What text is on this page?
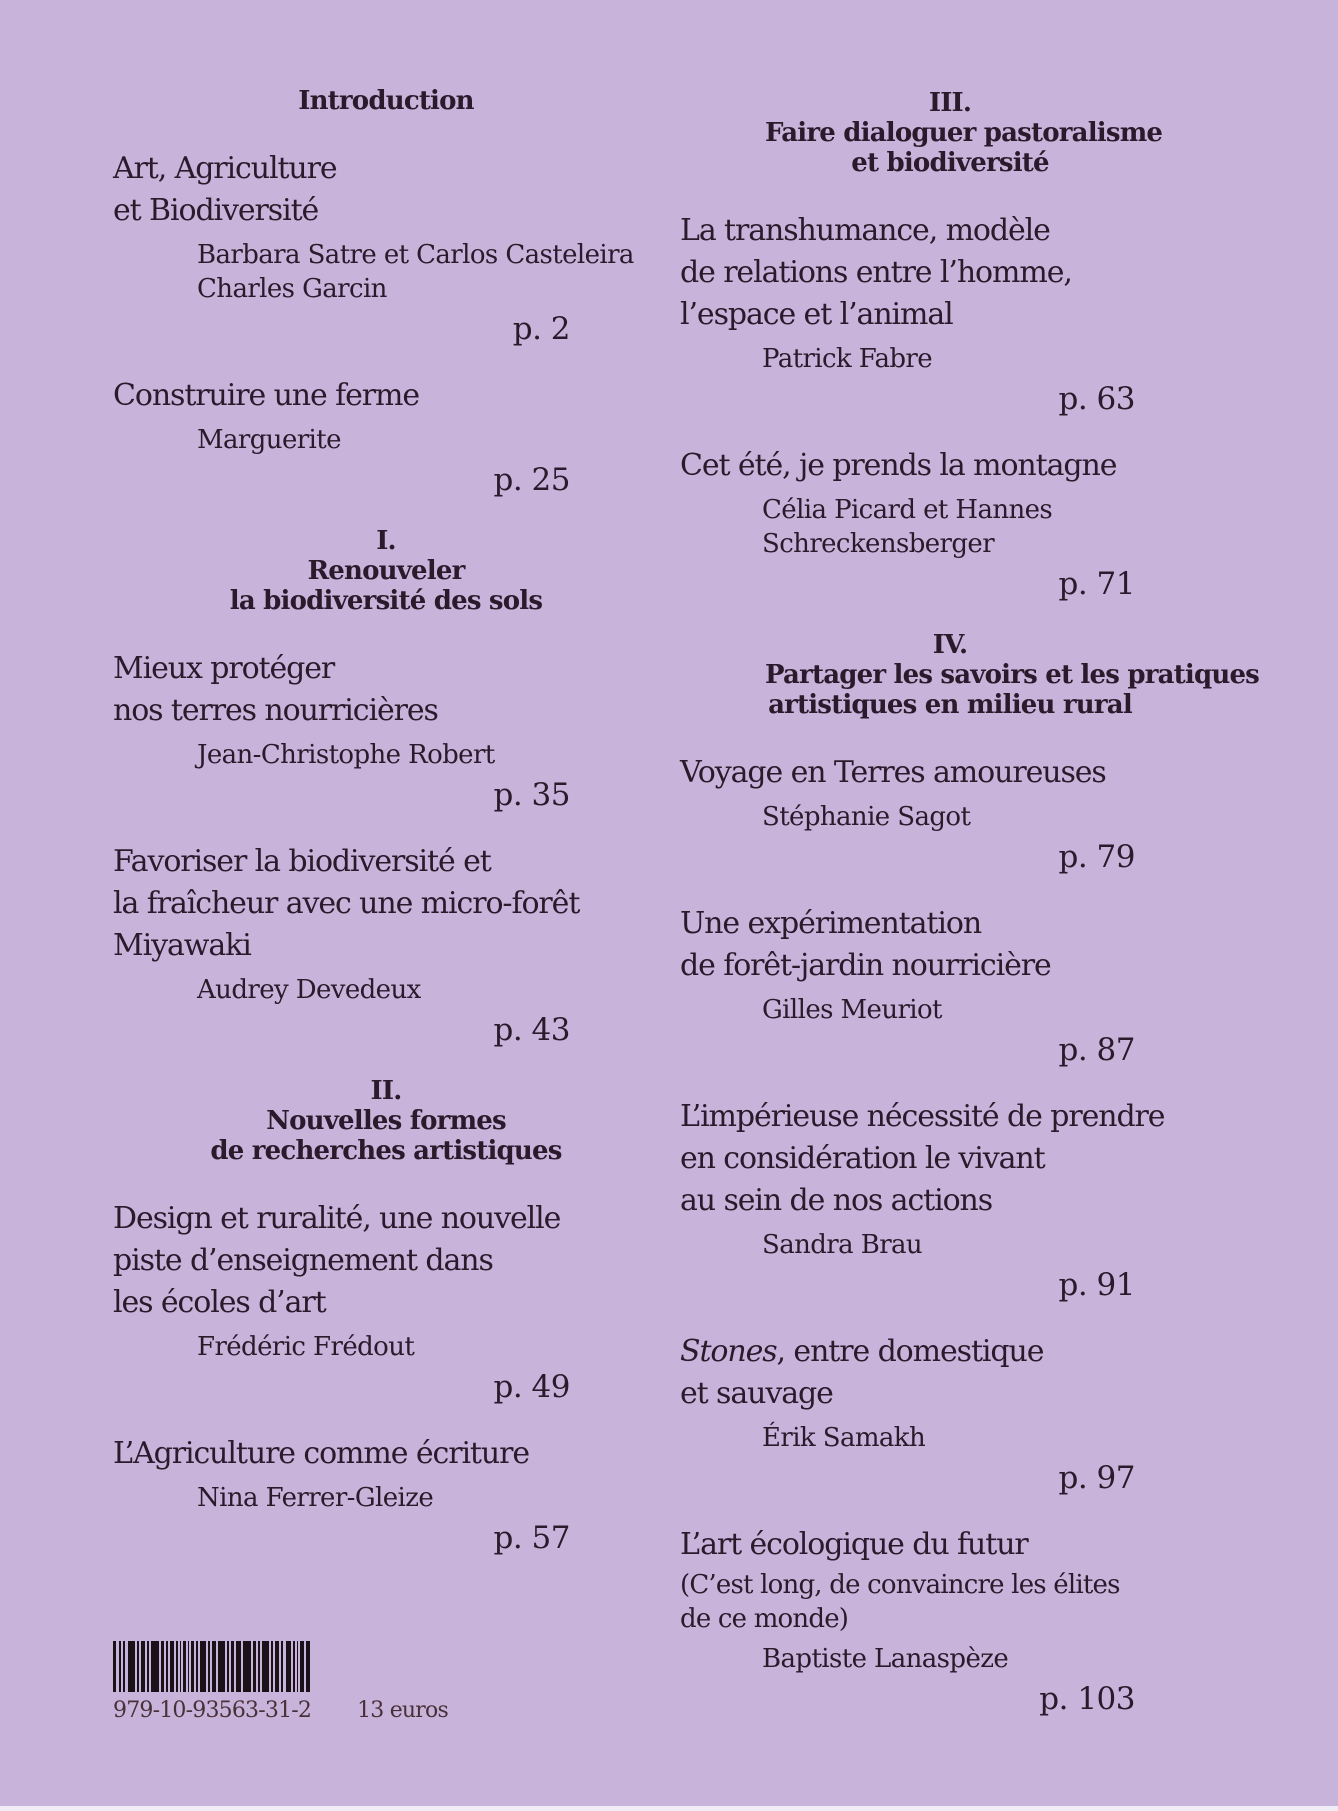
Introduction
Art, Agriculture
et Biodiversité
Barbara Satre et Carlos Casteleira
Charles Garcin
p. 2
Construire une ferme
Marguerite
p. 25
I.
Renouveler
la biodiversité des sols
Mieux protéger
nos terres nourricières
Jean-Christophe Robert
p. 35
Favoriser la biodiversité et
la fraîcheur avec une micro-forêt
Miyawaki
Audrey Devedeux
p. 43
II.
Nouvelles formes
de recherches artistiques
Design et ruralité, une nouvelle
piste d’enseignement dans
les écoles d’art
Frédéric Frédout
p. 49
L’Agriculture comme écriture
Nina Ferrer-Gleize
p. 57
III.
Faire dialoguer pastoralisme
et biodiversité
La transhumance, modèle
de relations entre l’homme,
l’espace et l’animal
Patrick Fabre
p. 63
Cet été, je prends la montagne
Célia Picard et Hannes
Schreckensberger
p. 71
IV.
Partager les savoirs et les pratiques
artistiques en milieu rural
Voyage en Terres amoureuses
Stéphanie Sagot
p. 79
Une expérimentation
de forêt-jardin nourricière
Gilles Meuriot
p. 87
L’impérieuse nécessité de prendre
en considération le vivant
au sein de nos actions
Sandra Brau
p. 91
Stones, entre domestique
et sauvage
Érik Samakh
p. 97
L’art écologique du futur
(C’est long, de convaincre les élites
de ce monde)
Baptiste Lanaspèze
p. 103
979-10-93563-31-2 13 euros
